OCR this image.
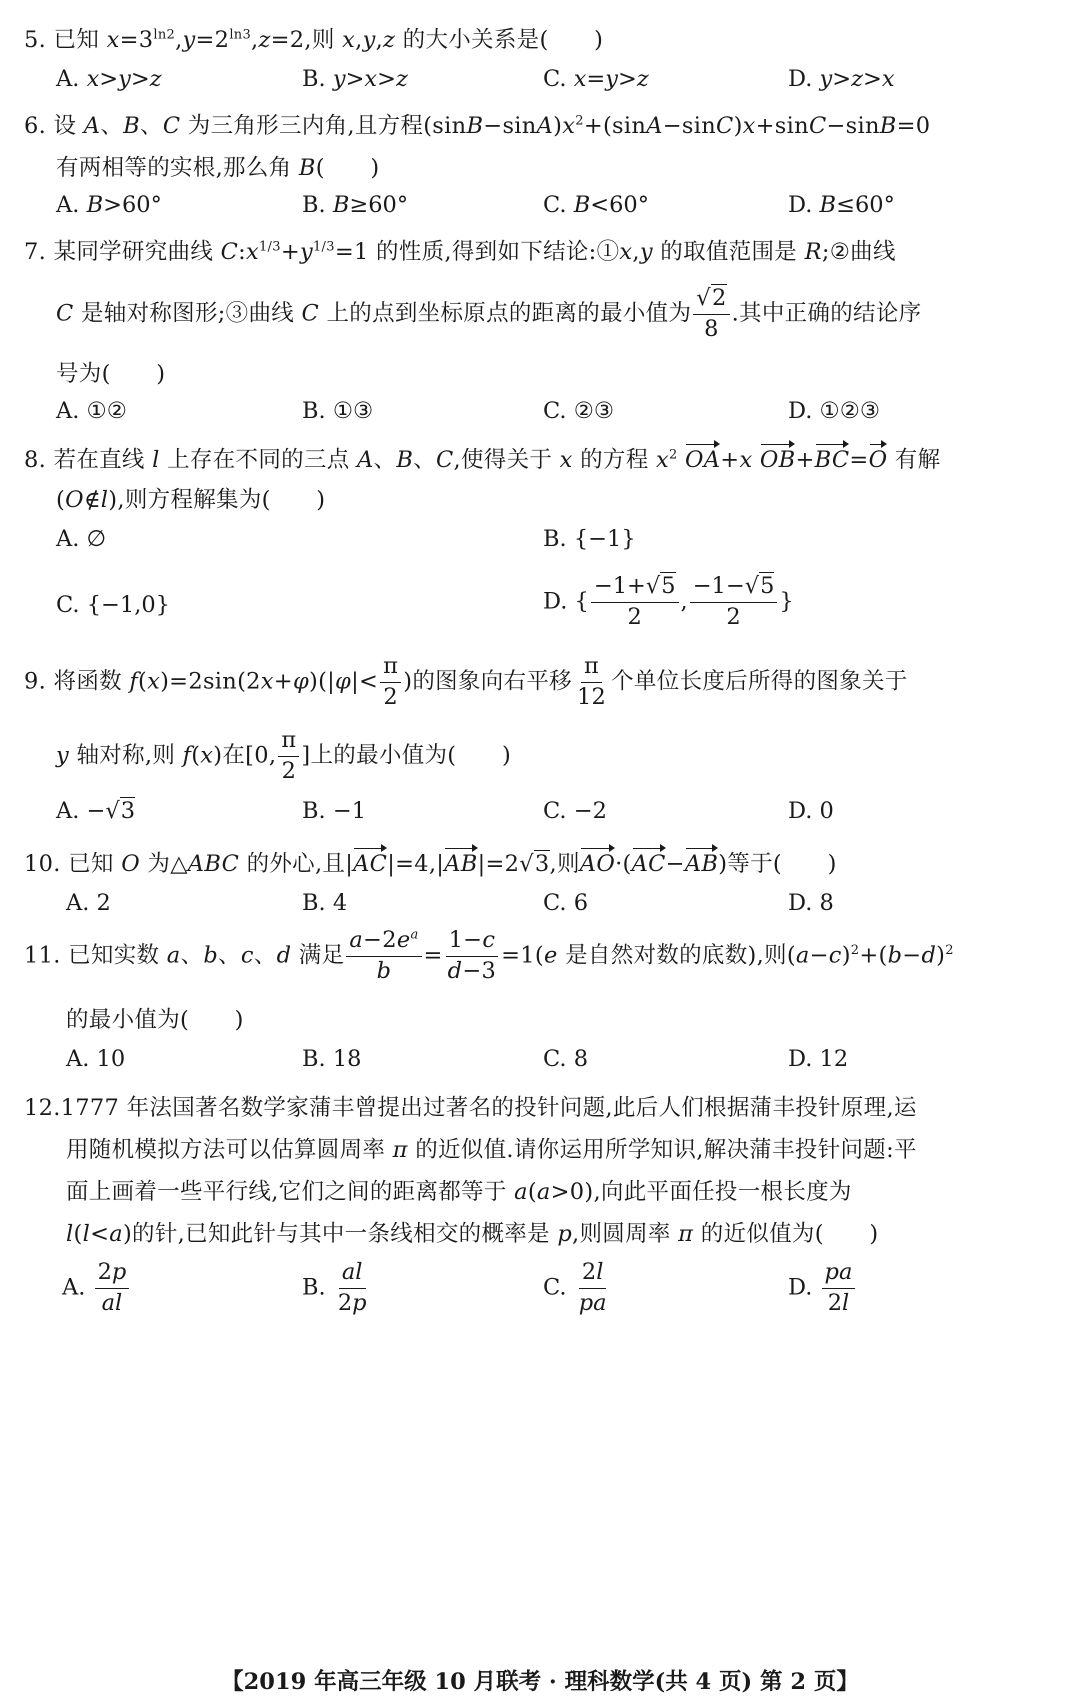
5. 已知 $x=3^{ln2},y=2^{ln3},z=2$,则 x,y,z 的大小关系是(　　)
A. x>y>z	B. y>x>z	C. x=y>z	D. y>z>x
6. 设 A、B、C 为三角形三内角,且方程$(\sin B-\sin A)x^2+(\sin A-\sin C)x+\sin C-\sin B=0$
有两相等的实根,那么角 B(　　)
A. B>60°	B. B≥60°	C. B<60°	D. B≤60°
7. 某同学研究曲线 $C:x^{1/3}+y^{1/3}=1$ 的性质,得到如下结论:①x,y 的取值范围是 R;②曲线
C 是轴对称图形;③曲线 C 上的点到坐标原点的距离的最小值为 $\frac{√2}{8}$ .其中正确的结论序
号为(　　)
A. ①②	B. ①③	C. ②③	D. ①②③
8. 若在直线 l 上存在不同的三点 A、B、C,使得关于 x 的方程 $x^2$ OA+x OB+BC=O 有解
(O∉l),则方程解集为(　　)
A. ∅	B. {−1}
C. {−1,0}	D. { $\frac{-1+√5}{2}$ , $\frac{-1-√5}{2}$ }
9. 将函数 $f(x)=2\sin(2x+\varphi)(|\varphi|< \frac{\pi}{2}$ )的图象向右平移 $\frac{\pi}{12}$ 个单位长度后所得的图象关于
y 轴对称,则 f(x)在[0, $\frac{\pi}{2}$ ]上的最小值为(　　)
A. −√3	B. −1	C. −2	D. 0
10. 已知 O 为△ABC 的外心,且|AC|=4,|AB|=2√3,则AO·(AC−AB)等于(　　)
A. 2	B. 4	C. 6	D. 8
11. 已知实数 a、b、c、d 满足 $\frac{a-2e^a}{b} = \frac{1-c}{d-3} =1(e$ 是自然对数的底数),则$(a-c)^2+(b-d)^2$
的最小值为(　　)
A. 10	B. 18	C. 8	D. 12
12.1777 年法国著名数学家蒲丰曾提出过著名的投针问题,此后人们根据蒲丰投针原理,运
用随机模拟方法可以估算圆周率 π 的近似值.请你运用所学知识,解决蒲丰投针问题:平
面上画着一些平行线,它们之间的距离都等于 a(a>0),向此平面任投一根长度为
l(l<a)的针,已知此针与其中一条线相交的概率是 p,则圆周率 π 的近似值为(　　)
A. $\frac{2p}{al}$	B. $\frac{al}{2p}$	C. $\frac{2l}{pa}$	D. $\frac{pa}{2l}$
【2019 年高三年级 10 月联考 · 理科数学(共 4 页) 第 2 页】
